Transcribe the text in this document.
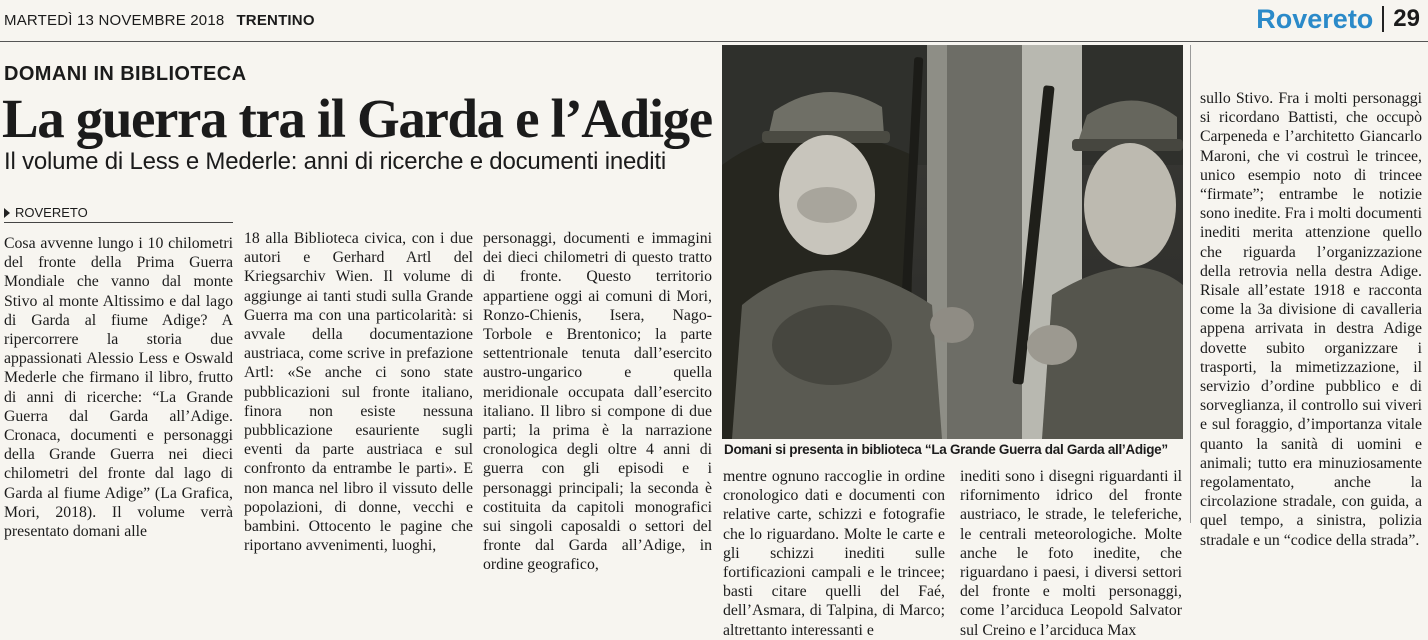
MARTEDÌ 13 NOVEMBRE 2018 TRENTINO	Rovereto 29
DOMANI IN BIBLIOTECA
La guerra tra il Garda e l’Adige
Il volume di Less e Mederle: anni di ricerche e documenti inediti
ROVERETO

Cosa avvenne lungo i 10 chilometri del fronte della Prima Guerra Mondiale che vanno dal monte Stivo al monte Altissimo e dal lago di Garda al fiume Adige? A ripercorrere la storia due appassionati Alessio Less e Oswald Mederle che firmano il libro, frutto di anni di ricerche: “La Grande Guerra dal Garda all’Adige. Cronaca, documenti e personaggi della Grande Guerra nei dieci chilometri del fronte dal lago di Garda al fiume Adige” (La Grafica, Mori, 2018). Il volume verrà presentato domani alle

18 alla Biblioteca civica, con i due autori e Gerhard Artl del Kriegsarchiv Wien. Il volume di aggiunge ai tanti studi sulla Grande Guerra ma con una particolarità: si avvale della documentazione austriaca, come scrive in prefazione Artl: «Se anche ci sono state pubblicazioni sul fronte italiano, finora non esiste nessuna pubblicazione esauriente sugli eventi da parte austriaca e sul confronto da entrambe le parti». E non manca nel libro il vissuto delle popolazioni, di donne, vecchi e bambini. Ottocento le pagine che riportano avvenimenti, luoghi,

personaggi, documenti e immagini dei dieci chilometri di questo tratto di fronte. Questo territorio appartiene oggi ai comuni di Mori, Ronzo-Chienis, Isera, Nago-Torbole e Brentonico; la parte settentrionale tenuta dall’esercito austro-ungarico e quella meridionale occupata dall’esercito italiano. Il libro si compone di due parti; la prima è la narrazione cronologica degli oltre 4 anni di guerra con gli episodi e i personaggi principali; la seconda è costituita da capitoli monografici sui singoli caposaldi o settori del fronte dal Garda all’Adige, in ordine geografico,

Domani si presenta in biblioteca “La Grande Guerra dal Garda all’Adige”

mentre ognuno raccoglie in ordine cronologico dati e documenti con relative carte, schizzi e fotografie che lo riguardano. Molte le carte e gli schizzi inediti sulle fortificazioni campali e le trincee; basti citare quelli del Faé, dell’Asmara, di Talpina, di Marco; altrettanto interessanti e

inediti sono i disegni riguardanti il rifornimento idrico del fronte austriaco, le strade, le teleferiche, le centrali meteorologiche. Molte anche le foto inedite, che riguardano i paesi, i diversi settori del fronte e molti personaggi, come l’arciduca Leopold Salvator sul Creino e l’arciduca Max

sullo Stivo. Fra i molti personaggi si ricordano Battisti, che occupò Carpeneda e l’architetto Giancarlo Maroni, che vi costruì le trincee, unico esempio noto di trincee “firmate”; entrambe le notizie sono inedite. Fra i molti documenti inediti merita attenzione quello che riguarda l’organizzazione della retrovia nella destra Adige. Risale all’estate 1918 e racconta come la 3a divisione di cavalleria appena arrivata in destra Adige dovette subito organizzare i trasporti, la mimetizzazione, il servizio d’ordine pubblico e di sorveglianza, il controllo sui viveri e sul foraggio, d’importanza vitale quanto la sanità di uomini e animali; tutto era minuziosamente regolamentato, anche la circolazione stradale, con guida, a quel tempo, a sinistra, polizia stradale e un “codice della strada”.
